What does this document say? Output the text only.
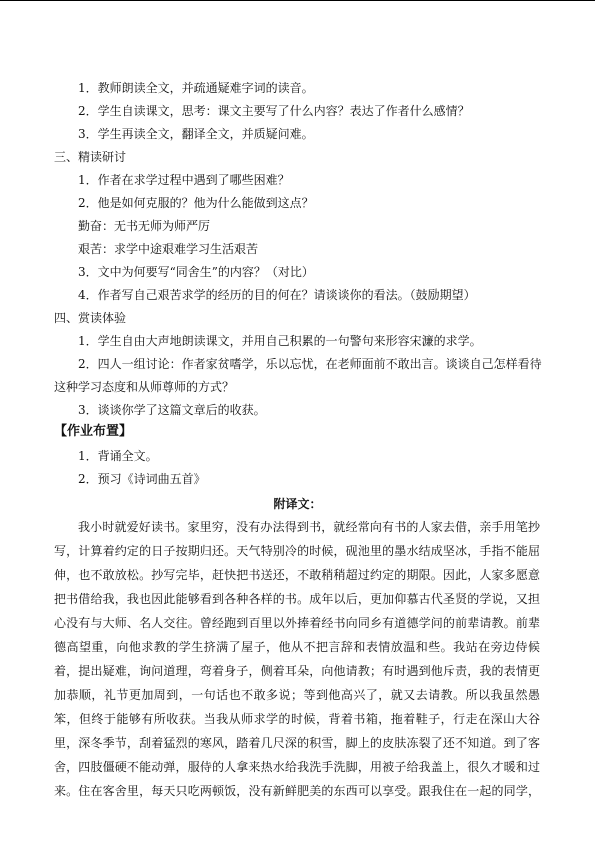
1．教师朗读全文，并疏通疑难字词的读音。
2．学生自读课文，思考：课文主要写了什么内容？表达了作者什么感情？
3．学生再读全文，翻译全文，并质疑问难。
三、精读研讨
1．作者在求学过程中遇到了哪些困难？
2．他是如何克服的？他为什么能做到这点？
勤奋：无书无师为师严厉
艰苦：求学中途艰难学习生活艰苦
3．文中为何要写“同舍生”的内容？（对比）
4．作者写自己艰苦求学的经历的目的何在？请谈谈你的看法。（鼓励期望）
四、赏读体验
1．学生自由大声地朗读课文，并用自己积累的一句警句来形容宋濂的求学。
2．四人一组讨论：作者家贫嗜学，乐以忘忧，在老师面前不敢出言。谈谈自己怎样看待
这种学习态度和从师尊师的方式？
3．谈谈你学了这篇文章后的收获。
【作业布置】
1．背诵全文。
2．预习《诗词曲五首》
附译文：

我小时就爱好读书。家里穷，没有办法得到书，就经常向有书的人家去借，亲手用笔抄

写，计算着约定的日子按期归还。天气特别冷的时候，砚池里的墨水结成坚冰，手指不能屈

伸，也不敢放松。抄写完毕，赶快把书送还，不敢稍稍超过约定的期限。因此，人家多愿意

把书借给我，我也因此能够看到各种各样的书。成年以后，更加仰慕古代圣贤的学说，又担

心没有与大师、名人交往。曾经跑到百里以外捧着经书向同乡有道德学问的前辈请教。前辈

德高望重，向他求教的学生挤满了屋子，他从不把言辞和表情放温和些。我站在旁边侍候

着，提出疑难，询问道理，弯着身子，侧着耳朵，向他请教；有时遇到他斥责，我的表情更

加恭顺，礼节更加周到，一句话也不敢多说；等到他高兴了，就又去请教。所以我虽然愚

笨，但终于能够有所收获。当我从师求学的时候，背着书箱，拖着鞋子，行走在深山大谷

里，深冬季节，刮着猛烈的寒风，踏着几尺深的积雪，脚上的皮肤冻裂了还不知道。到了客

舍，四肢僵硬不能动弹，服侍的人拿来热水给我洗手洗脚，用被子给我盖上，很久才暖和过

来。住在客舍里，每天只吃两顿饭，没有新鲜肥美的东西可以享受。跟我住在一起的同学，
